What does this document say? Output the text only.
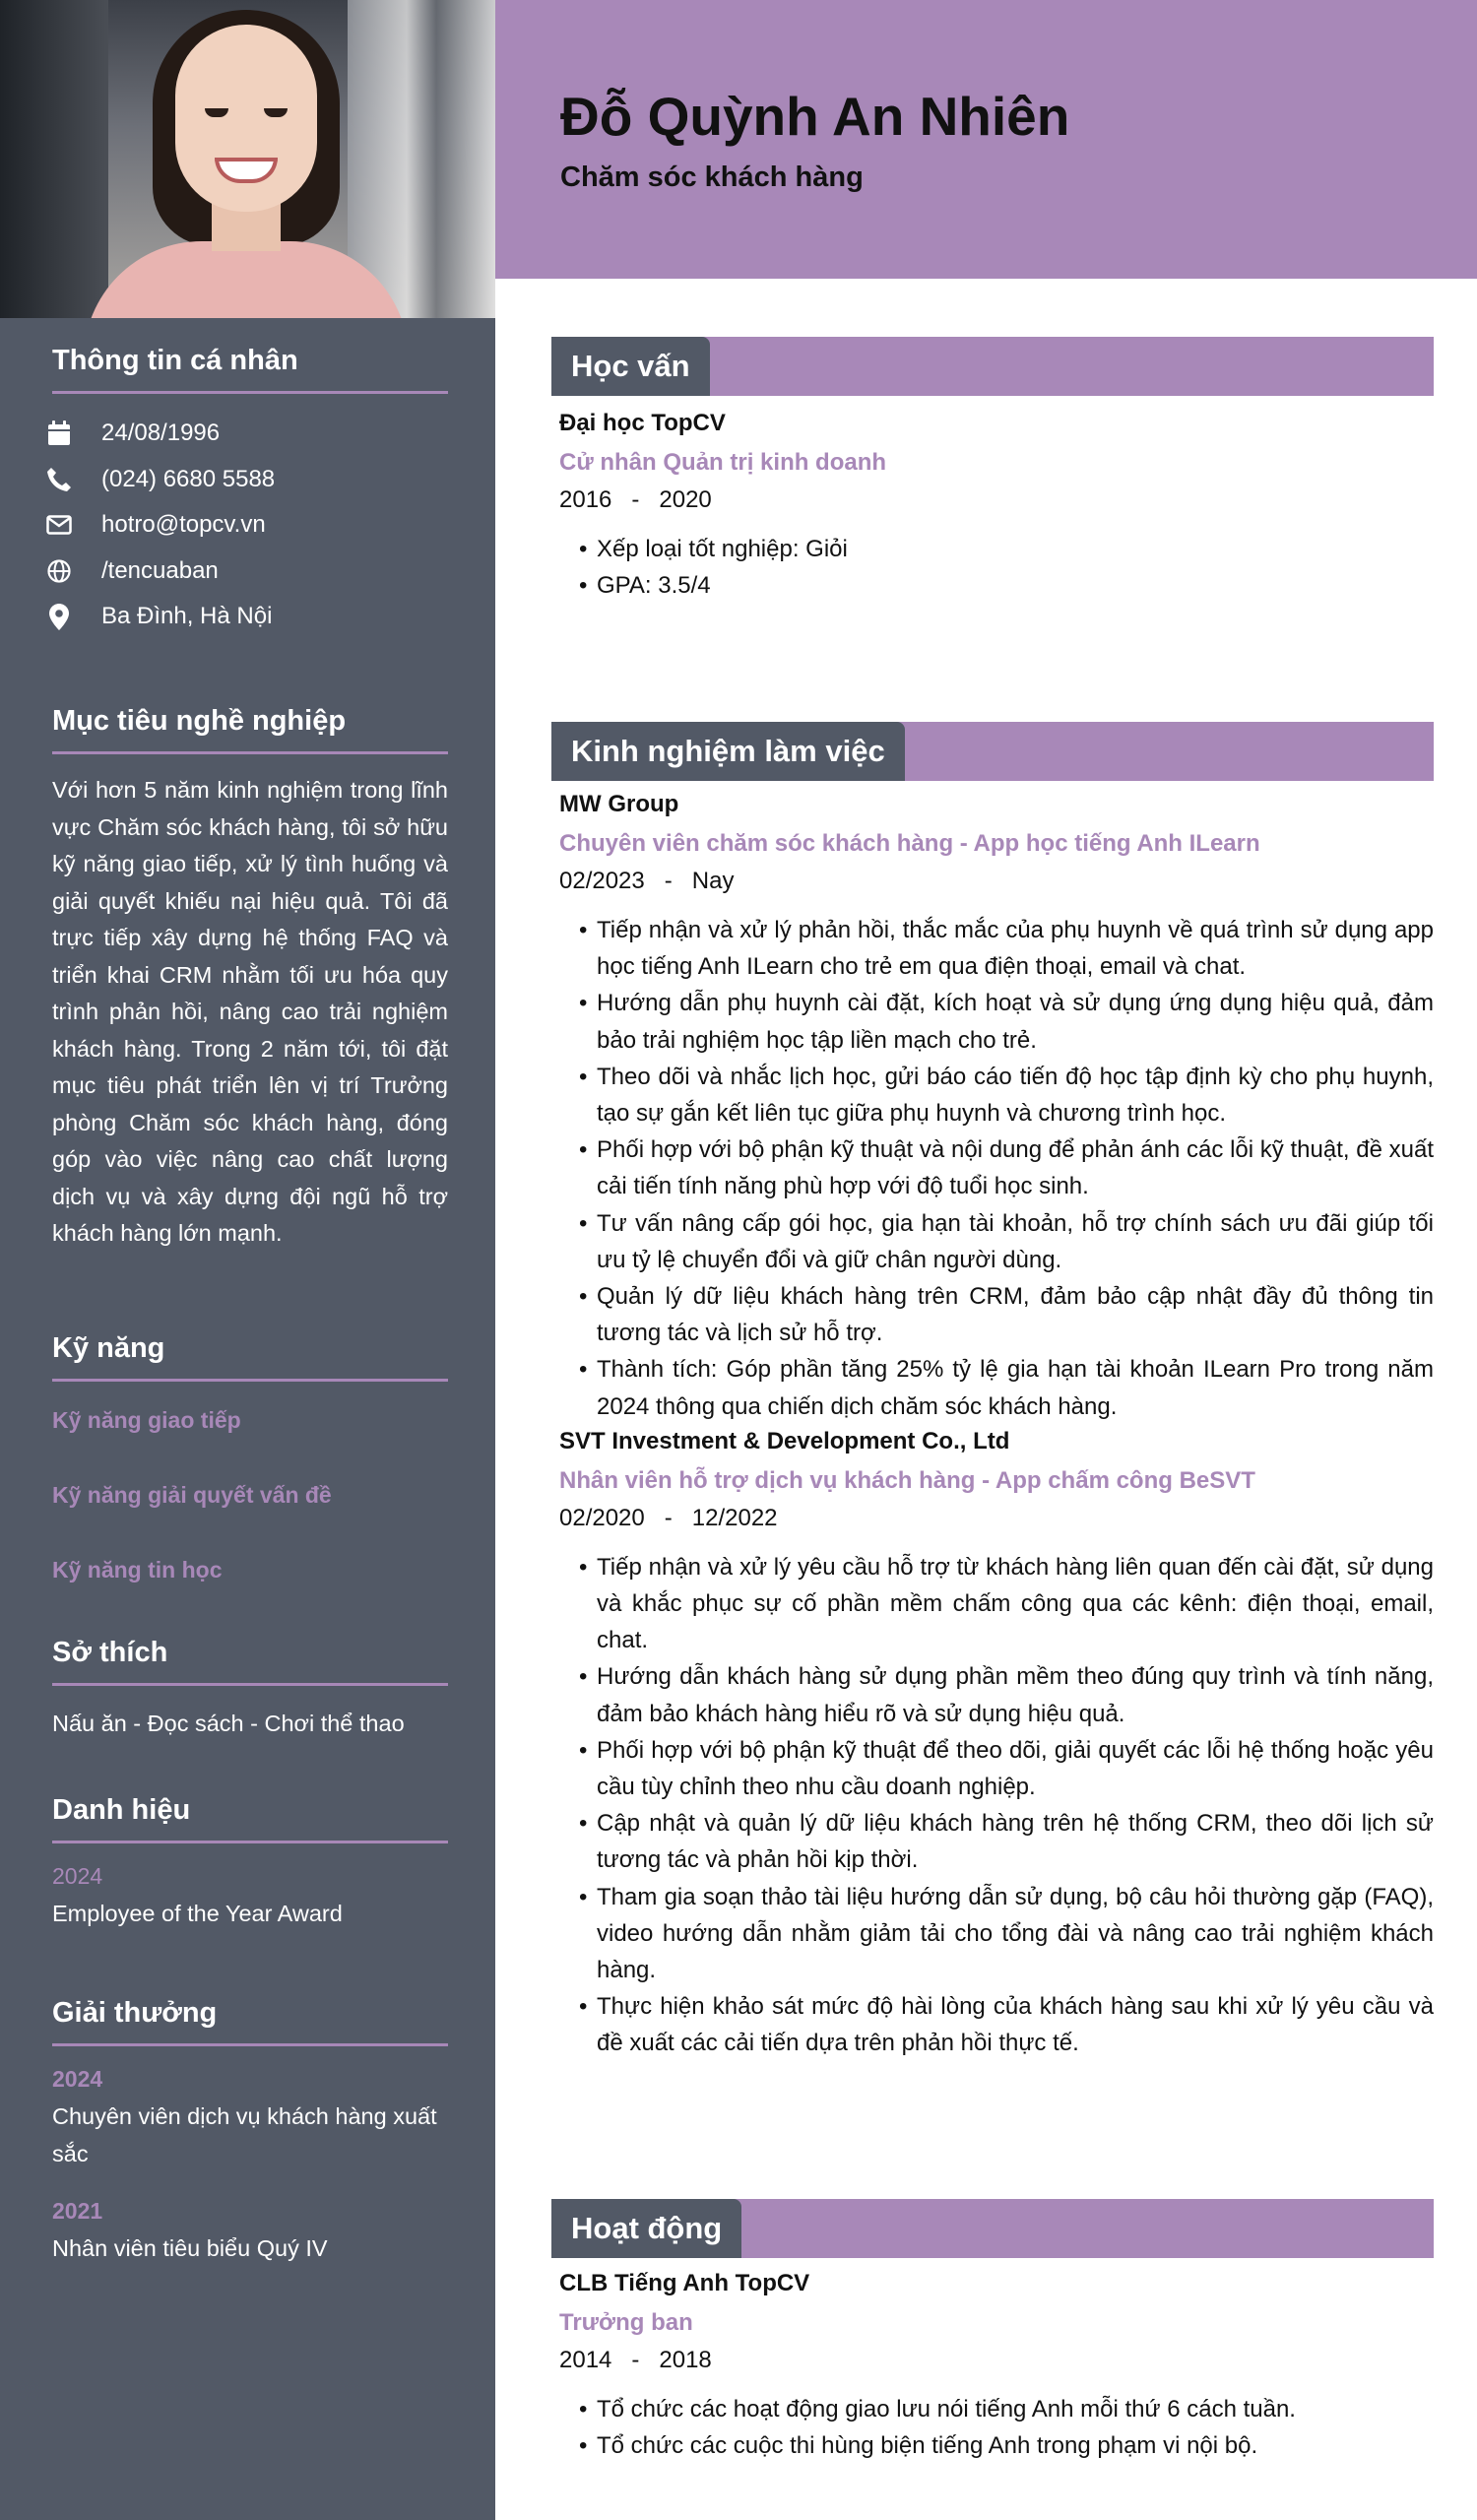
Thông tin cá nhân
24/08/1996
(024) 6680 5588
hotro@topcv.vn
/tencuaban
Ba Đình, Hà Nội
Mục tiêu nghề nghiệp
Với hơn 5 năm kinh nghiệm trong lĩnh vực Chăm sóc khách hàng, tôi sở hữu kỹ năng giao tiếp, xử lý tình huống và giải quyết khiếu nại hiệu quả. Tôi đã trực tiếp xây dựng hệ thống FAQ và triển khai CRM nhằm tối ưu hóa quy trình phản hồi, nâng cao trải nghiệm khách hàng. Trong 2 năm tới, tôi đặt mục tiêu phát triển lên vị trí Trưởng phòng Chăm sóc khách hàng, đóng góp vào việc nâng cao chất lượng dịch vụ và xây dựng đội ngũ hỗ trợ khách hàng lớn mạnh.
Kỹ năng
Kỹ năng giao tiếp
Kỹ năng giải quyết vấn đề
Kỹ năng tin học
Sở thích
Nấu ăn - Đọc sách - Chơi thể thao
Danh hiệu
2024
Employee of the Year Award
Giải thưởng
2024
Chuyên viên dịch vụ khách hàng xuất sắc
2021
Nhân viên tiêu biểu Quý IV
Đỗ Quỳnh An Nhiên
Chăm sóc khách hàng
Học vấn
Đại học TopCV
Cử nhân Quản trị kinh doanh
2016 - 2020
• Xếp loại tốt nghiệp: Giỏi
• GPA: 3.5/4
Kinh nghiệm làm việc
MW Group
Chuyên viên chăm sóc khách hàng - App học tiếng Anh ILearn
02/2023 - Nay
• Tiếp nhận và xử lý phản hồi, thắc mắc của phụ huynh về quá trình sử dụng app học tiếng Anh ILearn cho trẻ em qua điện thoại, email và chat.
• Hướng dẫn phụ huynh cài đặt, kích hoạt và sử dụng ứng dụng hiệu quả, đảm bảo trải nghiệm học tập liền mạch cho trẻ.
• Theo dõi và nhắc lịch học, gửi báo cáo tiến độ học tập định kỳ cho phụ huynh, tạo sự gắn kết liên tục giữa phụ huynh và chương trình học.
• Phối hợp với bộ phận kỹ thuật và nội dung để phản ánh các lỗi kỹ thuật, đề xuất cải tiến tính năng phù hợp với độ tuổi học sinh.
• Tư vấn nâng cấp gói học, gia hạn tài khoản, hỗ trợ chính sách ưu đãi giúp tối ưu tỷ lệ chuyển đổi và giữ chân người dùng.
• Quản lý dữ liệu khách hàng trên CRM, đảm bảo cập nhật đầy đủ thông tin tương tác và lịch sử hỗ trợ.
• Thành tích: Góp phần tăng 25% tỷ lệ gia hạn tài khoản ILearn Pro trong năm 2024 thông qua chiến dịch chăm sóc khách hàng.
SVT Investment & Development Co., Ltd
Nhân viên hỗ trợ dịch vụ khách hàng - App chấm công BeSVT
02/2020 - 12/2022
• Tiếp nhận và xử lý yêu cầu hỗ trợ từ khách hàng liên quan đến cài đặt, sử dụng và khắc phục sự cố phần mềm chấm công qua các kênh: điện thoại, email, chat.
• Hướng dẫn khách hàng sử dụng phần mềm theo đúng quy trình và tính năng, đảm bảo khách hàng hiểu rõ và sử dụng hiệu quả.
• Phối hợp với bộ phận kỹ thuật để theo dõi, giải quyết các lỗi hệ thống hoặc yêu cầu tùy chỉnh theo nhu cầu doanh nghiệp.
• Cập nhật và quản lý dữ liệu khách hàng trên hệ thống CRM, theo dõi lịch sử tương tác và phản hồi kịp thời.
• Tham gia soạn thảo tài liệu hướng dẫn sử dụng, bộ câu hỏi thường gặp (FAQ), video hướng dẫn nhằm giảm tải cho tổng đài và nâng cao trải nghiệm khách hàng.
• Thực hiện khảo sát mức độ hài lòng của khách hàng sau khi xử lý yêu cầu và đề xuất các cải tiến dựa trên phản hồi thực tế.
Hoạt động
CLB Tiếng Anh TopCV
Trưởng ban
2014 - 2018
• Tổ chức các hoạt động giao lưu nói tiếng Anh mỗi thứ 6 cách tuần.
• Tổ chức các cuộc thi hùng biện tiếng Anh trong phạm vi nội bộ.
